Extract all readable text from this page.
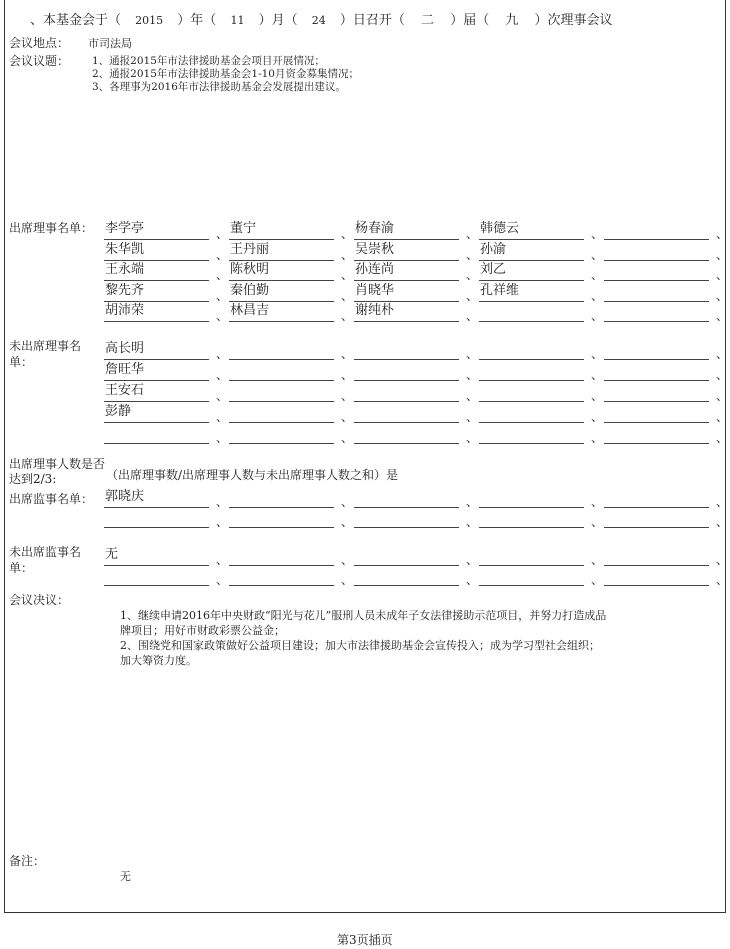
、本基金会于（ 2015 ）年（ 11 ）月（ 24 ）日召开（ 二 ）届（ 九 ）次理事会议
会议地点： 市司法局
会议议题： 1、通报2015年市法律援助基金会项目开展情况；
2、通报2015年市法律援助基金会1-10月资金募集情况；
3、各理事为2016年市法律援助基金会发展提出建议。
出席理事名单： 李学亭	、 董宁	、 杨春渝	、 韩德云	、	、
朱华凯	、 王丹丽	、 吴崇秋	、 孙渝	、	、
王永端	、 陈秋明	、 孙连尚	、 刘乙	、	、
黎先齐	、 秦伯勤	、 肖晓华	、 孔祥维	、	、
胡沛荣	、 林昌吉	、 谢纯朴	、	、	、
未出席理事名单：
高长明	、	、	、	、	、
詹旺华	、	、	、	、	、
王安石	、	、	、	、	、
彭静	、	、	、	、	、
、	、	、	、	、
出席理事人数是否达到2/3:	（出席理事数/出席理事人数与未出席理事人数之和）是
出席监事名单： 郭晓庆	、	、	、	、	、
、	、	、	、	、
未出席监事名单：
无	、	、	、	、	、
、	、	、	、	、
会议决议：
1、继续申请2016年中央财政“阳光与花儿”服刑人员未成年子女法律援助示范项目，并努力打造成品牌项目；用好市财政彩票公益金；
2、围绕党和国家政策做好公益项目建设；加大市法律援助基金会宣传投入；成为学习型社会组织；加大筹资力度。
备注：
无
第3页插页
